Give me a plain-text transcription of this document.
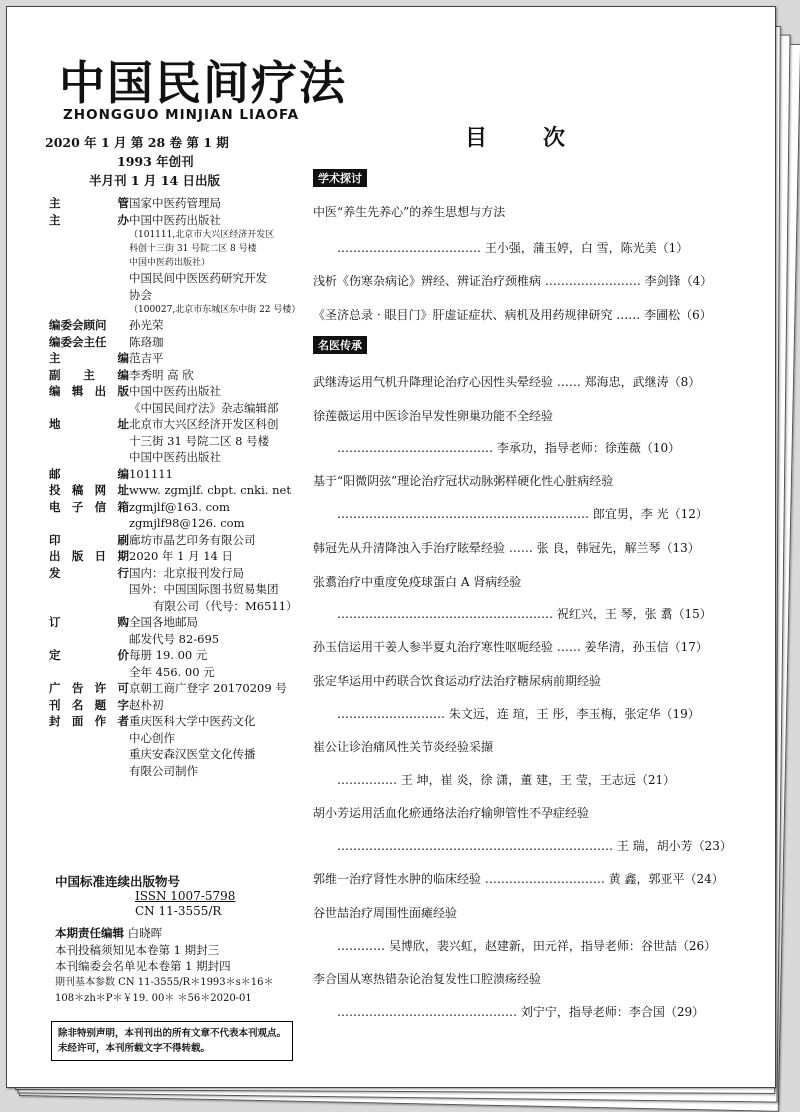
中国民间疗法
ZHONGGUO MINJIAN LIAOFA
2020 年 1 月 第 28 卷 第 1 期
1993 年创刊
半月刊 1 月 14 日出版
主	管 国家中医药管理局
主	办 中国中医药出版社
（101111,北京市大兴区经济开发区
科创十三街 31 号院二区 8 号楼
中国中医药出版社）
中国民间中医医药研究开发
协会
（100027,北京市东城区东中街 22 号楼）
编委会顾问	孙光荣
编委会主任	陈珞珈
主	编 范吉平
副 主 编 李秀明 高 欣
编 辑 出 版 中国中医药出版社
《中国民间疗法》杂志编辑部
地	址 北京市大兴区经济开发区科创
十三街 31 号院二区 8 号楼
中国中医药出版社
邮	编 101111
投 稿 网 址 www. zgmjlf. cbpt. cnki. net
电 子 信 箱 zgmjlf@163. com
zgmjlf98@126. com
印	刷 廊坊市晶艺印务有限公司
出 版 日 期 2020 年 1 月 14 日
发	行 国内：北京报刊发行局
国外：中国国际图书贸易集团
有限公司（代号：M6511）
订	购 全国各地邮局
邮发代号 82-695
定	价 每册 19. 00 元
全年 456. 00 元
广 告 许 可 京朝工商广登字 20170209 号
刊 名 题 字 赵朴初
封 面 作 者 重庆医科大学中医药文化
中心创作
重庆安森汉医堂文化传播
有限公司制作
中国标准连续出版物号
ISSN 1007-5798
CN 11-3555/R
本期责任编辑 白晓晖
本刊投稿须知见本卷第 1 期封三
本刊编委会名单见本卷第 1 期封四
期刊基本参数 CN 11-3555/R＊1993＊s＊16＊
108＊zh＊P＊￥19. 00＊ ＊56＊2020-01
除非特别声明，本刊刊出的所有文章不代表本刊观点。未经许可，本刊所载文字不得转载。
目次
学术探讨
名医传承
中医“养生先养心”的养生思想与方法
……………………………… 王小强，蒲玉婷，白 雪，陈光美（1）
浅析《伤寒杂病论》辨经、辨证治疗颈椎病 …………………… 李剑锋（4）
《圣济总录 · 眼目门》肝虚证症状、病机及用药规律研究 …… 李圃松（6）
武继涛运用气机升降理论治疗心因性头晕经验 …… 郑海忠，武继涛（8）
徐莲薇运用中医诊治早发性卵巢功能不全经验
………………………………… 李承功，指导老师：徐莲薇（10）
基于“阳微阴弦”理论治疗冠状动脉粥样硬化性心脏病经验
……………………………………………………… 郎宜男，李 光（12）
韩冠先从升清降浊入手治疗眩晕经验 …… 张 良，韩冠先，解兰琴（13）
张翥治疗中重度免疫球蛋白 A 肾病经验
……………………………………………… 祝红兴，王 琴，张 翥（15）
孙玉信运用干姜人参半夏丸治疗寒性呕呃经验 …… 姜华清，孙玉信（17）
张定华运用中药联合饮食运动疗法治疗糖尿病前期经验
……………………… 朱文远，连 瑄，王 彤，李玉梅，张定华（19）
崔公让诊治痛风性关节炎经验采撷
…………… 王 坤，崔 炎，徐 潇，董 建，王 莹，王志远（21）
胡小芳运用活血化瘀通络法治疗输卵管性不孕症经验
…………………………………………………………… 王 瑞，胡小芳（23）
郭维一治疗肾性水肿的临床经验 ………………………… 黄 鑫，郭亚平（24）
谷世喆治疗周围性面瘫经验
………… 吴博欣，裴兴虹，赵建新，田元祥，指导老师：谷世喆（26）
李合国从寒热错杂论治复发性口腔溃疡经验
……………………………………… 刘宁宁，指导老师：李合国（29）
